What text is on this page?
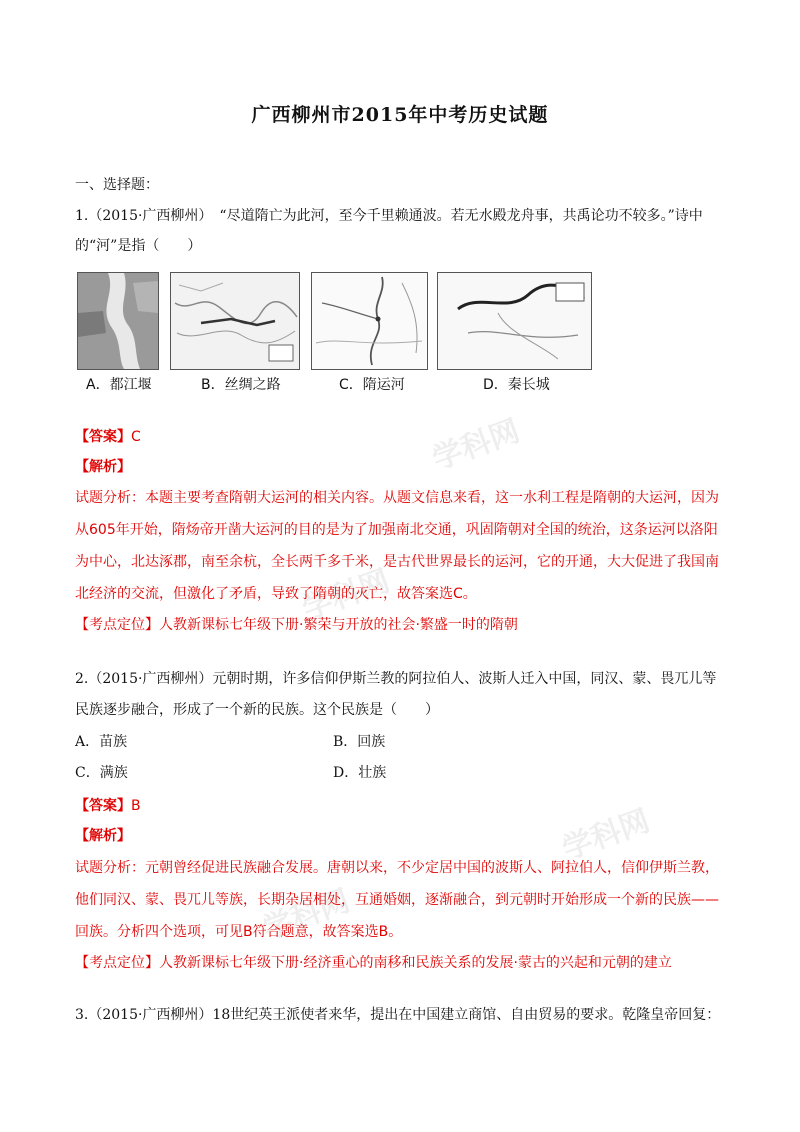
学科网
学科网
学科网
学科网
广西柳州市2015年中考历史试题
一、选择题：
1.（2015·广西柳州）　“尽道隋亡为此河，至今千里赖通波。若无水殿龙舟事，共禹论功不较多。”诗中
的“河”是指（　　）
A．都江堰	B．丝绸之路	C．隋运河	D．秦长城
【答案】C
【解析】
试题分析：本题主要考查隋朝大运河的相关内容。从题文信息来看，这一水利工程是隋朝的大运河，因为
从605年开始，隋炀帝开凿大运河的目的是为了加强南北交通，巩固隋朝对全国的统治，这条运河以洛阳
为中心，北达涿郡，南至余杭，全长两千多千米，是古代世界最长的运河，它的开通，大大促进了我国南
北经济的交流，但激化了矛盾，导致了隋朝的灭亡，故答案选C。
【考点定位】人教新课标七年级下册·繁荣与开放的社会·繁盛一时的隋朝
2.（2015·广西柳州）元朝时期，许多信仰伊斯兰教的阿拉伯人、波斯人迁入中国，同汉、蒙、畏兀儿等
民族逐步融合，形成了一个新的民族。这个民族是（　　）
A．苗族	B．回族
C．满族	D．壮族
【答案】B
【解析】
试题分析：元朝曾经促进民族融合发展。唐朝以来，不少定居中国的波斯人、阿拉伯人，信仰伊斯兰教，
他们同汉、蒙、畏兀儿等族，长期杂居相处，互通婚姻，逐渐融合，到元朝时开始形成一个新的民族——
回族。分析四个选项，可见B符合题意，故答案选B。
【考点定位】人教新课标七年级下册·经济重心的南移和民族关系的发展·蒙古的兴起和元朝的建立
3.（2015·广西柳州）18世纪英王派使者来华，提出在中国建立商馆、自由贸易的要求。乾隆皇帝回复：
